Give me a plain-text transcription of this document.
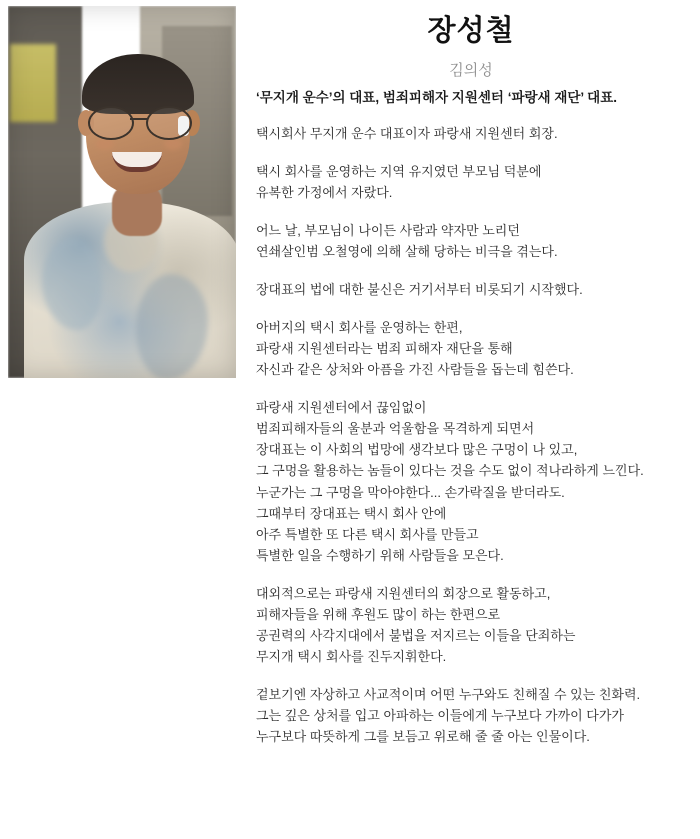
장성철
김의성

‘무지개 운수’의 대표, 범죄피해자 지원센터 ‘파랑새 재단’ 대표.

택시회사 무지개 운수 대표이자 파랑새 지원센터 회장.

택시 회사를 운영하는 지역 유지였던 부모님 덕분에
유복한 가정에서 자랐다.

어느 날, 부모님이 나이든 사람과 약자만 노리던
연쇄살인범 오철영에 의해 살해 당하는 비극을 겪는다.

장대표의 법에 대한 불신은 거기서부터 비롯되기 시작했다.

아버지의 택시 회사를 운영하는 한편,
파랑새 지원센터라는 범죄 피해자 재단을 통해
자신과 같은 상처와 아픔을 가진 사람들을 돕는데 힘쓴다.

파랑새 지원센터에서 끊임없이
범죄피해자들의 울분과 억울함을 목격하게 되면서
장대표는 이 사회의 법망에 생각보다 많은 구멍이 나 있고,
그 구멍을 활용하는 놈들이 있다는 것을 수도 없이 적나라하게 느낀다.
누군가는 그 구멍을 막아야한다... 손가락질을 받더라도.
그때부터 장대표는 택시 회사 안에
아주 특별한 또 다른 택시 회사를 만들고
특별한 일을 수행하기 위해 사람들을 모은다.

대외적으로는 파랑새 지원센터의 회장으로 활동하고,
피해자들을 위해 후원도 많이 하는 한편으로
공권력의 사각지대에서 불법을 저지르는 이들을 단죄하는
무지개 택시 회사를 진두지휘한다.

겉보기엔 자상하고 사교적이며 어떤 누구와도 친해질 수 있는 친화력.
그는 깊은 상처를 입고 아파하는 이들에게 누구보다 가까이 다가가
누구보다 따뜻하게 그를 보듬고 위로해 줄 줄 아는 인물이다.
